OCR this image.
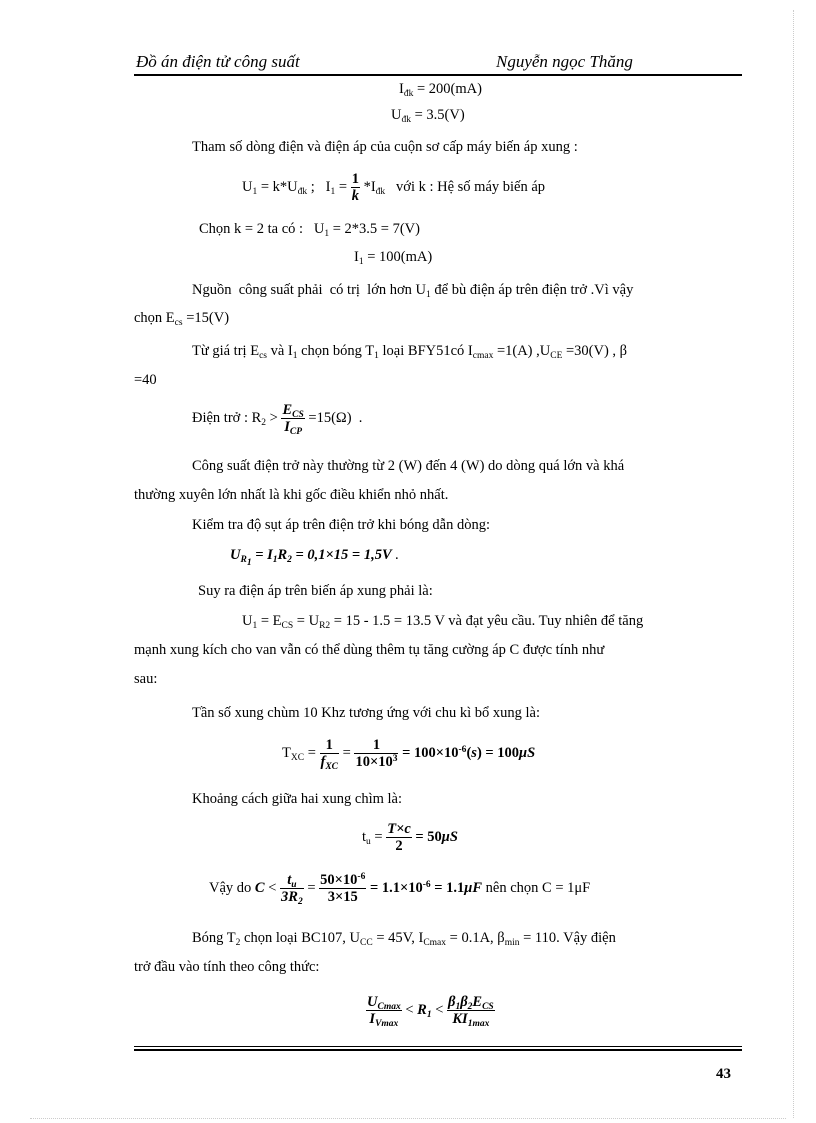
Đồ án điện tử công suất	Nguyễn ngọc Thăng
$I_{đk} = 200(mA)$
$U_{đk} = 3.5(V)$
Tham số dòng điện và điện áp của cuộn sơ cấp máy biến áp xung :
$U_1 = k*U_{đk}$ ;   $I_1 = \frac{1}{k} *I_{đk}$   với k : Hệ số máy biến áp
Chọn k = 2 ta có :   $U_1 = 2*3.5 = 7(V)$
$I_1 = 100(mA)$
Nguồn  công suất phải  có trị  lớn hơn $U_1$ để bù điện áp trên điện trở .Vì vậy
chọn $E_{cs} =15(V)$
Từ giá trị $E_{cs}$ và $I_1$ chọn bóng $T_1$ loại BFY51có $I_{cmax} =1(A)$ $,U_{CE} =30(V)$ , β
=40
Điện trở : $R_2 > \frac{E_{CS}}{I_{CP}} =15(\Omega)$  .
Công suất điện trở này thường từ 2 (W) đến 4 (W) do dòng quá lớn và khá
thường xuyên lớn nhất là khi gốc điều khiển nhỏ nhất.
Kiểm tra độ sụt áp trên điện trở khi bóng dẫn dòng:
$U_{R_1} = I_1R_2 = 0,1\times 15 = 1,5V$ .
Suy ra điện áp trên biến áp xung phải là:
$U_1 = E_{CS} = U_{R2} = 15 - 1.5 = 13.5$ V và đạt yêu cầu. Tuy nhiên để tăng
mạnh xung kích cho van vẫn có thể dùng thêm tụ tăng cường áp C được tính như
sau:
Tần số xung chùm 10 Khz tương ứng với chu kì bổ xung là:
$T_{XC} = \frac{1}{f_{XC}} = \frac{1}{10\times 10^3} = 100\times 10^{-6}(s) = 100\mu S$
Khoảng cách giữa hai xung chìm là:
$t_u = \frac{T\times c}{2} = 50\mu S$
Vậy do $C < \frac{t_u}{3R_2} = \frac{50\times 10^{-6}}{3\times 15} = 1.1\times 10^{-6} = 1.1\mu F$ nên chọn C = 1μF
Bóng $T_2$ chọn loại BC107, $U_{CC} = 45V$, $I_{Cmax} = 0.1A$, $\beta_{min} = 110$. Vậy điện
trở đầu vào tính theo công thức:
$\frac{U_{Cmax}}{I_{Vmax}} < R_1 < \frac{\beta_1\beta_2E_{CS}}{KI_{1max}}$
43
